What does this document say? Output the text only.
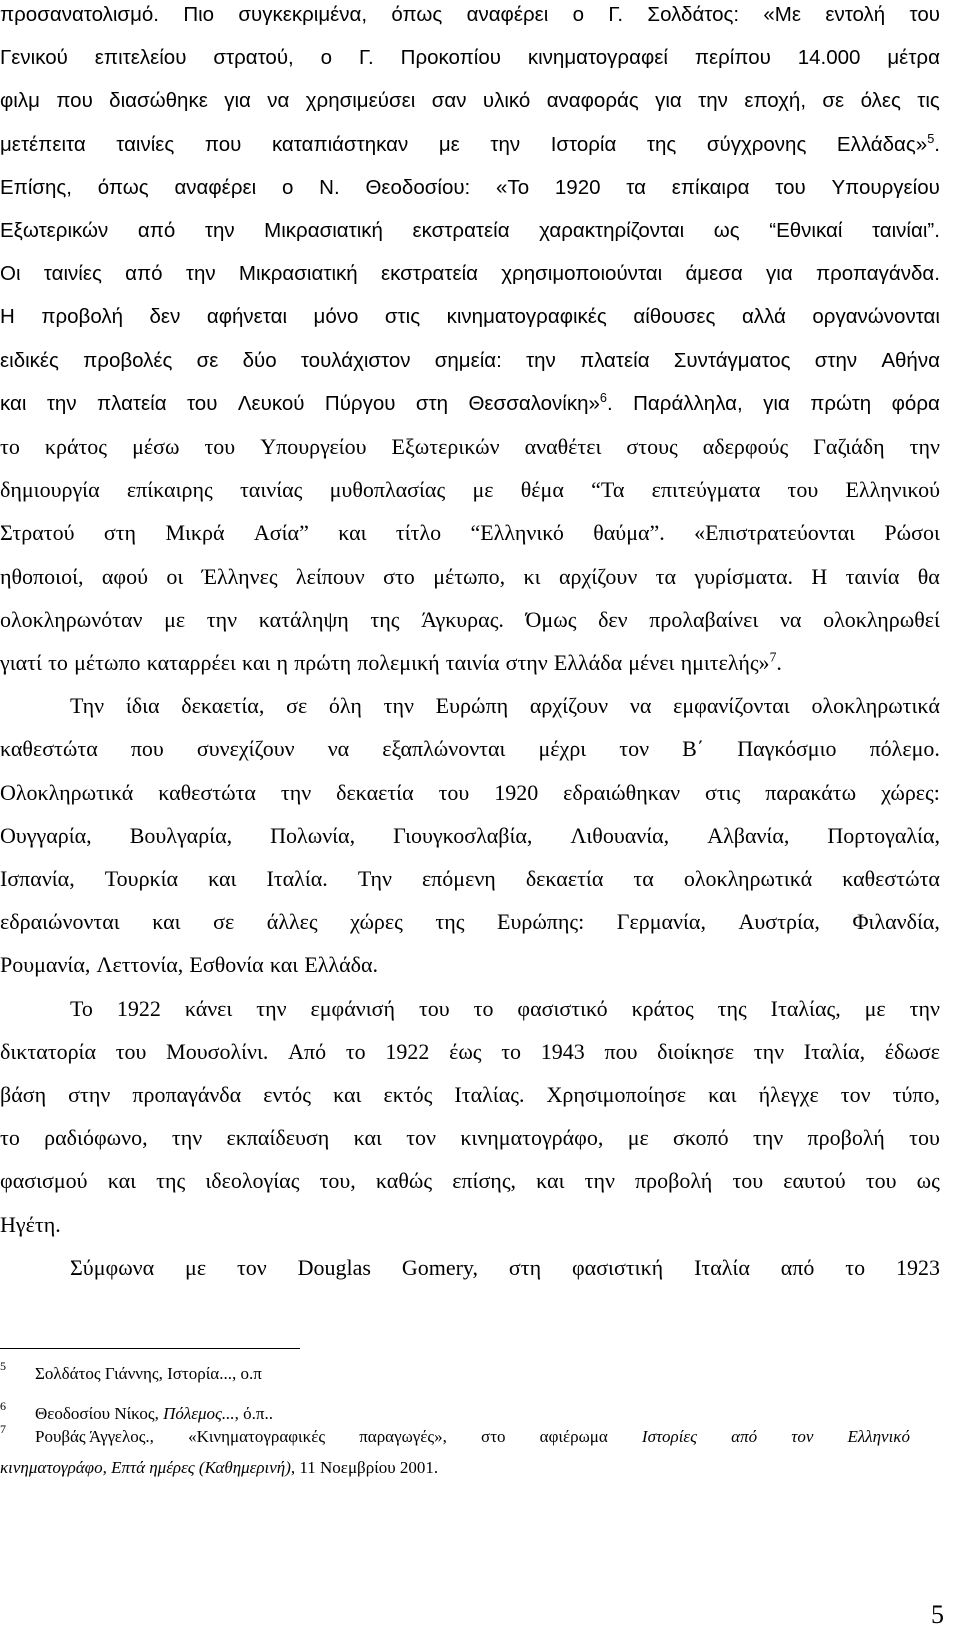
προσανατολισμό. Πιο συγκεκριμένα, όπως αναφέρει ο Γ. Σολδάτος: «Με εντολή του
Γενικού επιτελείου στρατού, ο Γ. Προκοπίου κινηματογραφεί περίπου 14.000 μέτρα
φιλμ που διασώθηκε για να χρησιμεύσει σαν υλικό αναφοράς για την εποχή, σε όλες τις
μετέπειτα ταινίες που καταπιάστηκαν με την Ιστορία της σύγχρονης Ελλάδας»$^5$.
Επίσης, όπως αναφέρει ο Ν. Θεοδοσίου: «Το 1920 τα επίκαιρα του Υπουργείου
Εξωτερικών από την Μικρασιατική εκστρατεία χαρακτηρίζονται ως “Εθνικαί ταινίαι”.
Οι ταινίες από την Μικρασιατική εκστρατεία χρησιμοποιούνται άμεσα για προπαγάνδα.
Η προβολή δεν αφήνεται μόνο στις κινηματογραφικές αίθουσες αλλά οργανώνονται
ειδικές προβολές σε δύο τουλάχιστον σημεία: την πλατεία Συντάγματος στην Αθήνα
και την πλατεία του Λευκού Πύργου στη Θεσσαλονίκη»$^6$. Παράλληλα, για πρώτη φόρα
το κράτος μέσω του Υπουργείου Εξωτερικών αναθέτει στους αδερφούς Γαζιάδη την
δημιουργία επίκαιρης ταινίας μυθοπλασίας με θέμα “Τα επιτεύγματα του Ελληνικού
Στρατού στη Μικρά Ασία” και τίτλο “Ελληνικό θαύμα”. «Επιστρατεύονται Ρώσοι
ηθοποιοί, αφού οι Έλληνες λείπουν στο μέτωπο, κι αρχίζουν τα γυρίσματα. Η ταινία θα
ολοκληρωνόταν με την κατάληψη της Άγκυρας. Όμως δεν προλαβαίνει να ολοκληρωθεί
γιατί το μέτωπο καταρρέει και η πρώτη πολεμική ταινία στην Ελλάδα μένει ημιτελής»$^7$.
Την ίδια δεκαετία, σε όλη την Ευρώπη αρχίζουν να εμφανίζονται ολοκληρωτικά
καθεστώτα που συνεχίζουν να εξαπλώνονται μέχρι τον Β΄ Παγκόσμιο πόλεμο.
Ολοκληρωτικά καθεστώτα την δεκαετία του 1920 εδραιώθηκαν στις παρακάτω χώρες:
Ουγγαρία, Βουλγαρία, Πολωνία, Γιουγκοσλαβία, Λιθουανία, Αλβανία, Πορτογαλία,
Ισπανία, Τουρκία και Ιταλία. Την επόμενη δεκαετία τα ολοκληρωτικά καθεστώτα
εδραιώνονται και σε άλλες χώρες της Ευρώπης: Γερμανία, Αυστρία, Φιλανδία,
Ρουμανία, Λεττονία, Εσθονία και Ελλάδα.
Το 1922 κάνει την εμφάνισή του το φασιστικό κράτος της Ιταλίας, με την
δικτατορία του Μουσολίνι. Από το 1922 έως το 1943 που διοίκησε την Ιταλία, έδωσε
βάση στην προπαγάνδα εντός και εκτός Ιταλίας. Χρησιμοποίησε και ήλεγχε τον τύπο,
το ραδιόφωνο, την εκπαίδευση και τον κινηματογράφο, με σκοπό την προβολή του
φασισμού και της ιδεολογίας του, καθώς επίσης, και την προβολή του εαυτού του ως
Ηγέτη.
Σύμφωνα με τον Douglas Gomery, στη φασιστική Ιταλία από το 1923
5 Σολδάτος Γιάννης, Ιστορία..., ο.π
6 Θεοδοσίου Νίκος, Πόλεμος..., ό.π..
7 Ρουβάς Άγγελος., «Κινηματογραφικές παραγωγές», στο αφιέρωμα Ιστορίες από τον Ελληνικό
κινηματογράφο, Επτά ημέρες (Καθημερινή), 11 Νοεμβρίου 2001.
5
